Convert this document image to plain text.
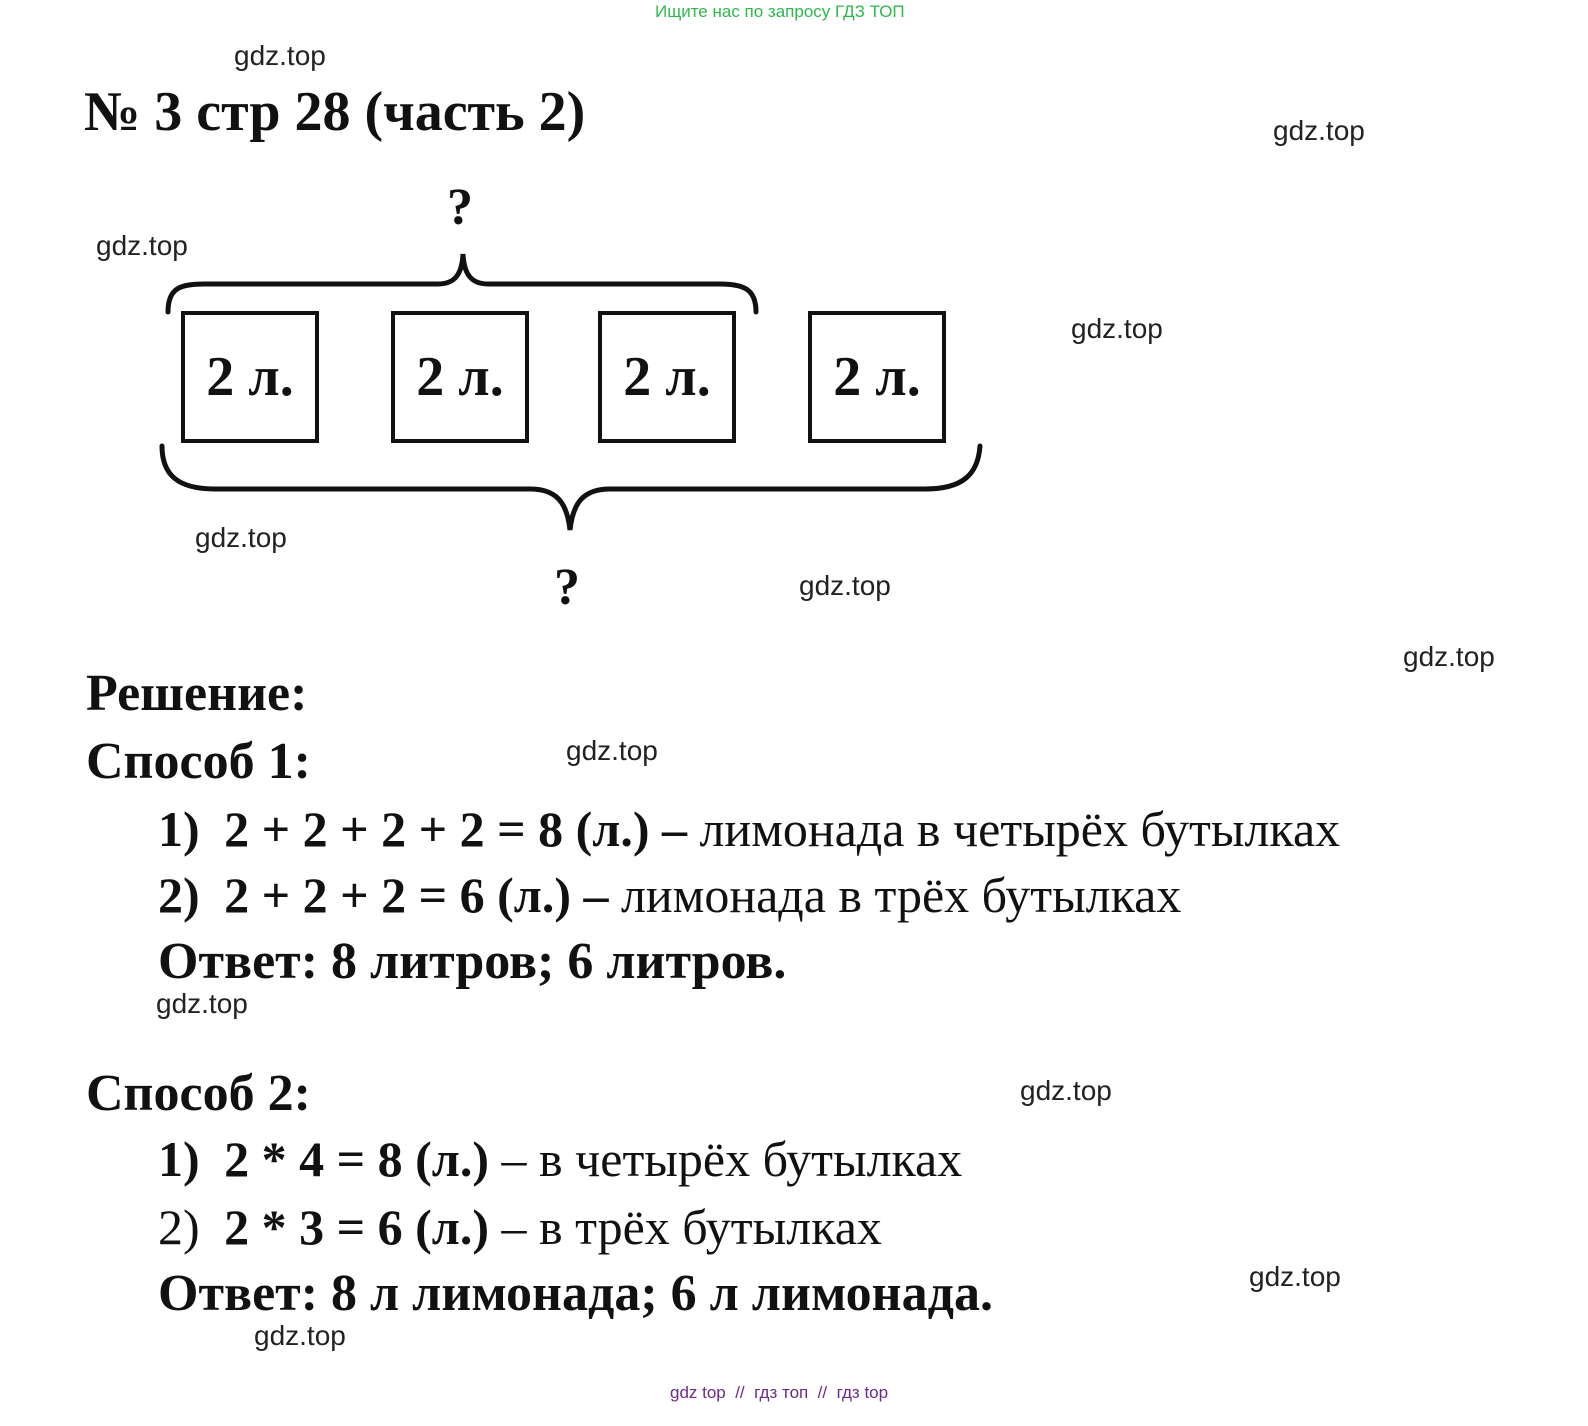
Ищите нас по запросу ГДЗ ТОП
gdz.top
gdz.top
gdz.top
gdz.top
gdz.top
gdz.top
gdz.top
gdz.top
gdz.top
gdz.top
gdz.top
gdz.top
№ 3 стр 28 (часть 2)
?
2 л.	2 л.	2 л.	2 л.
?
Решение:
Способ 1:
1) 2 + 2 + 2 + 2 = 8 (л.) – лимонада в четырёх бутылках
2) 2 + 2 + 2 = 6 (л.) – лимонада в трёх бутылках
Ответ: 8 литров; 6 литров.
Способ 2:
1) 2 * 4 = 8 (л.) – в четырёх бутылках
2) 2 * 3 = 6 (л.) – в трёх бутылках
Ответ: 8 л лимонада; 6 л лимонада.
gdz top  //  гдз топ  //  гдз top
